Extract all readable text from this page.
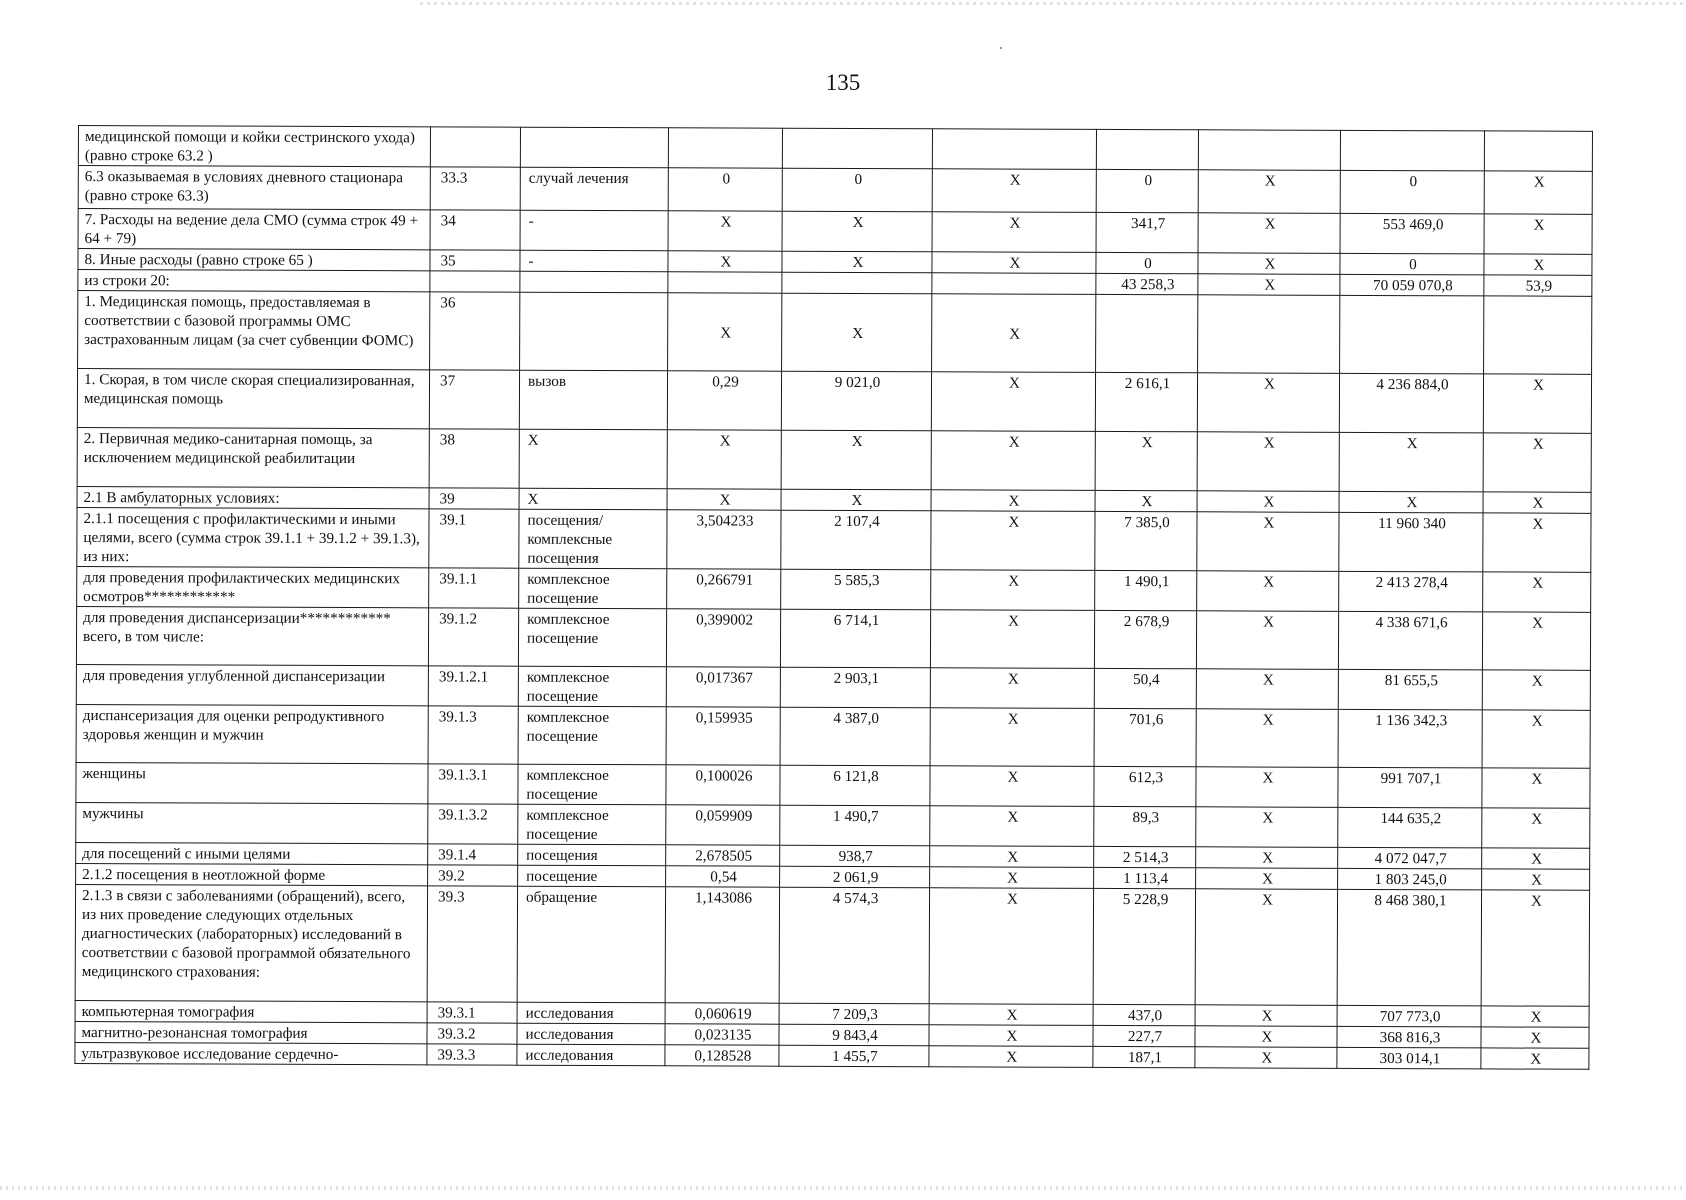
135
медицинской помощи и койки сестринского ухода) (равно строке 63.2 )									
6.3 оказываемая в условиях дневного стационара (равно строке 63.3)	33.3	случай лечения	0	0	Х	0	Х	0	Х
7. Расходы на ведение дела СМО (сумма строк 49 + 64 + 79)	34	-	Х	Х	Х	341,7	Х	553 469,0	Х
8. Иные расходы (равно строке 65 )	35	-	Х	Х	Х	0	Х	0	Х
из строки 20:						43 258,3	Х	70 059 070,8	53,9
1. Медицинская помощь, предоставляемая в соответствии с базовой программы ОМС застрахованным лицам (за счет субвенции ФОМС)	36		Х	Х	Х				
1. Скорая, в том числе скорая специализированная, медицинская помощь	37	вызов	0,29	9 021,0	Х	2 616,1	Х	4 236 884,0	Х
2. Первичная медико-санитарная помощь, за исключением медицинской реабилитации	38	Х	Х	Х	Х	Х	Х	Х	Х
2.1 В амбулаторных условиях:	39	Х	Х	Х	Х	Х	Х	Х	Х
2.1.1 посещения с профилактическими и иными целями, всего (сумма строк 39.1.1 + 39.1.2 + 39.1.3), из них:	39.1	посещения/комплексные посещения	3,504233	2 107,4	Х	7 385,0	Х	11 960 340	Х
для проведения профилактических медицинских осмотров************	39.1.1	комплексное посещение	0,266791	5 585,3	Х	1 490,1	Х	2 413 278,4	Х
для проведения диспансеризации************ всего, в том числе:	39.1.2	комплексное посещение	0,399002	6 714,1	Х	2 678,9	Х	4 338 671,6	Х
для проведения углубленной диспансеризации	39.1.2.1	комплексное посещение	0,017367	2 903,1	Х	50,4	Х	81 655,5	Х
диспансеризация для оценки репродуктивного здоровья женщин и мужчин	39.1.3	комплексное посещение	0,159935	4 387,0	Х	701,6	Х	1 136 342,3	Х
женщины	39.1.3.1	комплексное посещение	0,100026	6 121,8	Х	612,3	Х	991 707,1	Х
мужчины	39.1.3.2	комплексное посещение	0,059909	1 490,7	Х	89,3	Х	144 635,2	Х
для посещений с иными целями	39.1.4	посещения	2,678505	938,7	Х	2 514,3	Х	4 072 047,7	Х
2.1.2 посещения в неотложной форме	39.2	посещение	0,54	2 061,9	Х	1 113,4	Х	1 803 245,0	Х
2.1.3 в связи с заболеваниями (обращений), всего, из них проведение следующих отдельных диагностических (лабораторных) исследований в соответствии с базовой программой обязательного медицинского страхования:	39.3	обращение	1,143086	4 574,3	Х	5 228,9	Х	8 468 380,1	Х
компьютерная томография	39.3.1	исследования	0,060619	7 209,3	Х	437,0	Х	707 773,0	Х
магнитно-резонансная томография	39.3.2	исследования	0,023135	9 843,4	Х	227,7	Х	368 816,3	Х
ультразвуковое исследование сердечно-	39.3.3	исследования	0,128528	1 455,7	Х	187,1	Х	303 014,1	Х
